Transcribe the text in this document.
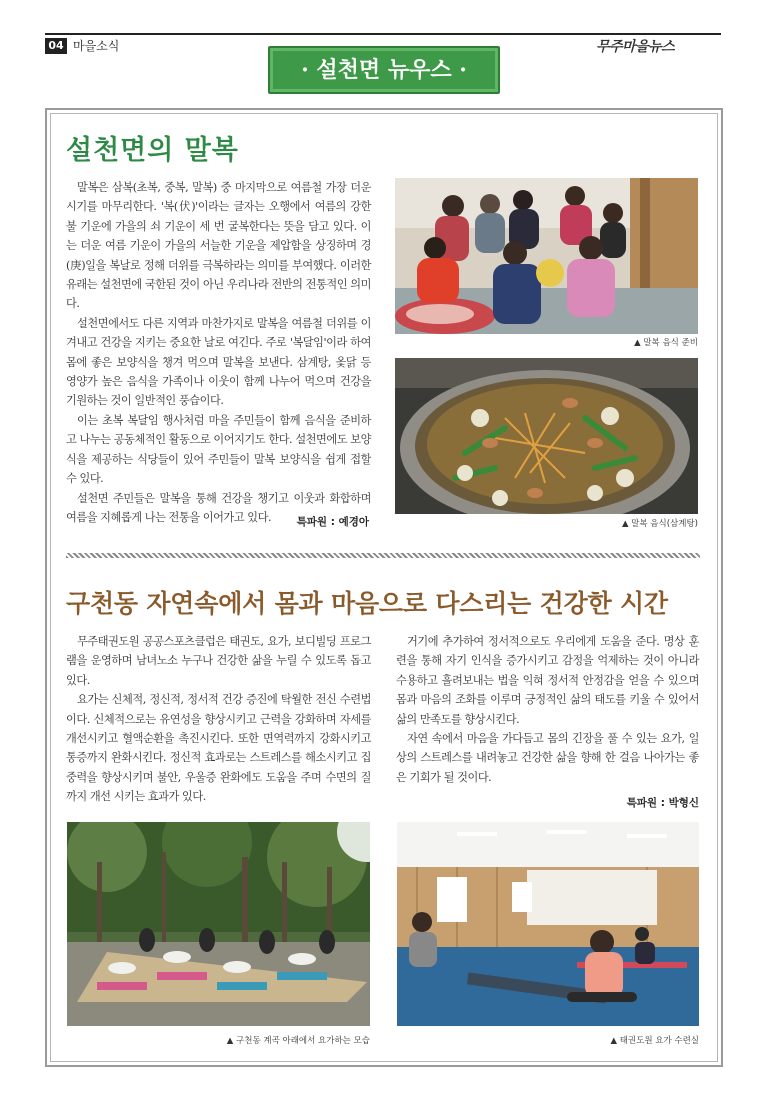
04 마을소식	무주마을뉴스
· 설천면 뉴우스 ·
설천면의 말복

말복은 삼복(초복, 중복, 말복) 중 마지막으로 여름철 가장 더운 시기를 마무리한다. '복(伏)'이라는 글자는 오행에서 여름의 강한 불 기운에 가을의 쇠 기운이 세 번 굴복한다는 뜻을 담고 있다. 이는 더운 여름 기운이 가을의 서늘한 기운을 제압함을 상징하며 경(庚)일을 복날로 정해 더위를 극복하라는 의미를 부여했다. 이러한 유래는 설천면에 국한된 것이 아닌 우리나라 전반의 전통적인 의미다.

설천면에서도 다른 지역과 마찬가지로 말복을 여름철 더위를 이겨내고 건강을 지키는 중요한 날로 여긴다. 주로 '복달임'이라 하여 몸에 좋은 보양식을 챙겨 먹으며 말복을 보낸다. 삼계탕, 옻닭 등 영양가 높은 음식을 가족이나 이웃이 함께 나누어 먹으며 건강을 기원하는 것이 일반적인 풍습이다.

이는 초복 복달임 행사처럼 마을 주민들이 함께 음식을 준비하고 나누는 공동체적인 활동으로 이어지기도 한다. 설천면에도 보양식을 제공하는 식당들이 있어 주민들이 말복 보양식을 쉽게 접할 수 있다.

설천면 주민들은 말복을 통해 건강을 챙기고 이웃과 화합하며 여름을 지혜롭게 나는 전통을 이어가고 있다.	특파원 : 예경아
▲ 말복 음식 준비
▲ 말복 음식(삼계탕)
구천동 자연속에서 몸과 마음으로 다스리는 건강한 시간

무주태권도원 공공스포츠클럽은 태권도, 요가, 보디빌딩 프로그램을 운영하며 남녀노소 누구나 건강한 삶을 누릴 수 있도록 돕고 있다.

요가는 신체적, 정신적, 정서적 건강 증진에 탁월한 전신 수련법이다. 신체적으로는 유연성을 향상시키고 근력을 강화하며 자세를 개선시키고 혈액순환을 촉진시킨다. 또한 면역력까지 강화시키고 통증까지 완화시킨다. 정신적 효과로는 스트레스를 해소시키고 집중력을 향상시키며 불안, 우울증 완화에도 도움을 주며 수면의 질까지 개선 시키는 효과가 있다.

거기에 추가하여 정서적으로도 우리에게 도움을 준다. 명상 훈련을 통해 자기 인식을 증가시키고 감정을 억제하는 것이 아니라 수용하고 흘려보내는 법을 익혀 정서적 안정감을 얻을 수 있으며 몸과 마음의 조화를 이루며 긍정적인 삶의 태도를 키울 수 있어서 삶의 만족도를 향상시킨다.

자연 속에서 마음을 가다듬고 몸의 긴장을 풀 수 있는 요가, 일상의 스트레스를 내려놓고 건강한 삶을 향해 한 걸음 나아가는 좋은 기회가 될 것이다.

특파원 : 박형신
▲ 구천동 계곡 아래에서 요가하는 모습	▲ 태권도원 요가 수련실
